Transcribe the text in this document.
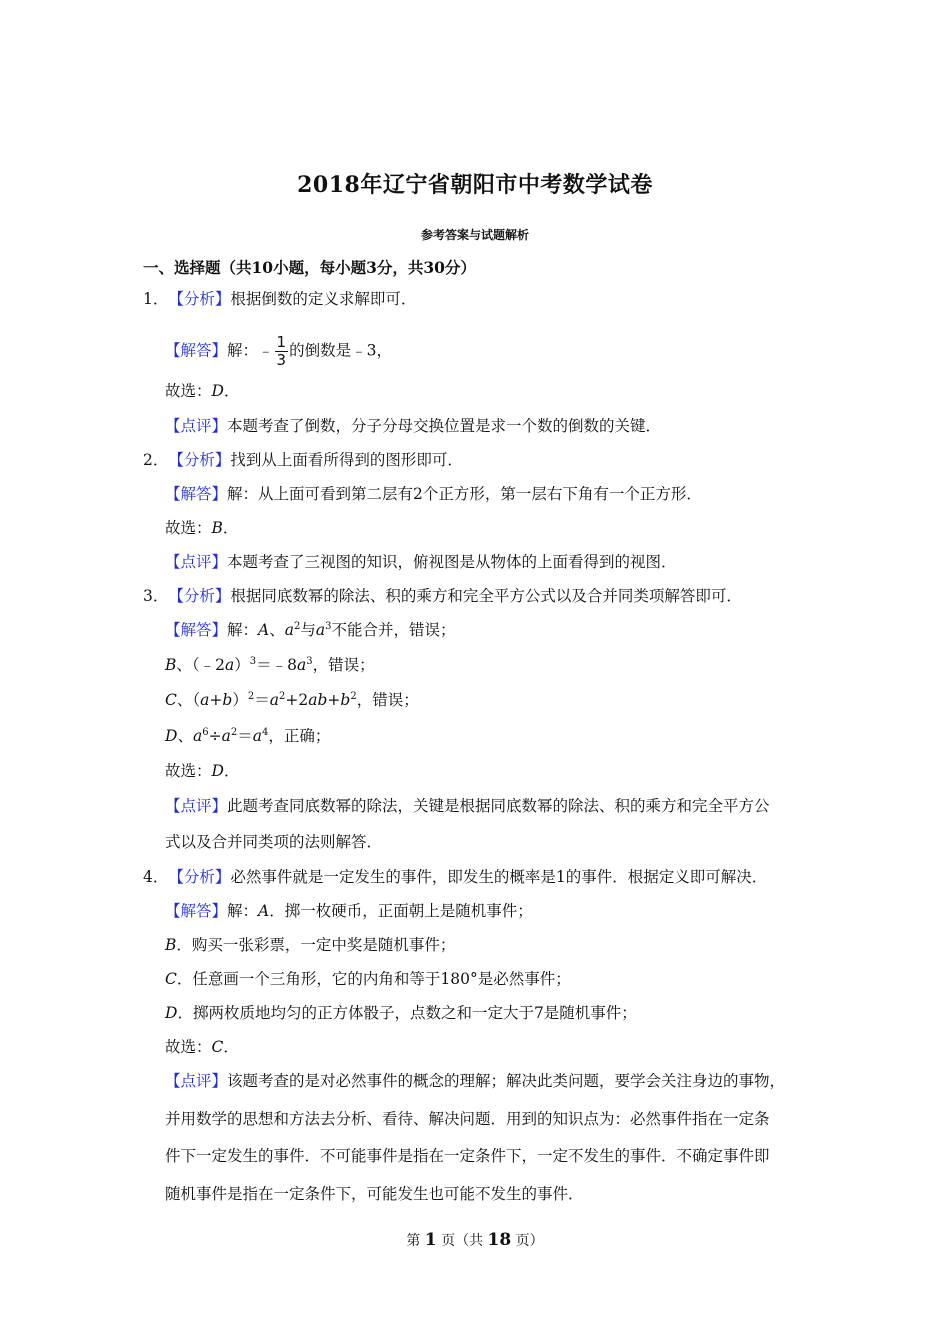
2018年辽宁省朝阳市中考数学试卷
参考答案与试题解析
一、选择题（共10小题，每小题3分，共30分）
1．【分析】根据倒数的定义求解即可．
【解答】解：﹣ $\frac{1}{3}$ 的倒数是﹣3，
故选：D．
【点评】本题考查了倒数，分子分母交换位置是求一个数的倒数的关键．
2．【分析】找到从上面看所得到的图形即可．
【解答】解：从上面可看到第二层有2个正方形，第一层右下角有一个正方形．
故选：B．
【点评】本题考查了三视图的知识，俯视图是从物体的上面看得到的视图．
3．【分析】根据同底数幂的除法、积的乘方和完全平方公式以及合并同类项解答即可．
【解答】解：A、$a^2$与$a^3$不能合并，错误；
B、$(﹣2a)^3=﹣8a^3$，错误；
C、$(a+b)^2=a^2+2ab+b^2$，错误；
D、$a^6\div a^2=a^4$，正确；
故选：D．
【点评】此题考查同底数幂的除法，关键是根据同底数幂的除法、积的乘方和完全平方公
式以及合并同类项的法则解答．
4．【分析】必然事件就是一定发生的事件，即发生的概率是1的事件．根据定义即可解决．
【解答】解：A．掷一枚硬币，正面朝上是随机事件；
B．购买一张彩票，一定中奖是随机事件；
C．任意画一个三角形，它的内角和等于180°是必然事件；
D．掷两枚质地均匀的正方体骰子，点数之和一定大于7是随机事件；
故选：C．
【点评】该题考查的是对必然事件的概念的理解；解决此类问题，要学会关注身边的事物，
并用数学的思想和方法去分析、看待、解决问题．用到的知识点为：必然事件指在一定条
件下一定发生的事件．不可能事件是指在一定条件下，一定不发生的事件．不确定事件即
随机事件是指在一定条件下，可能发生也可能不发生的事件．
第 1 页（共 18 页）
